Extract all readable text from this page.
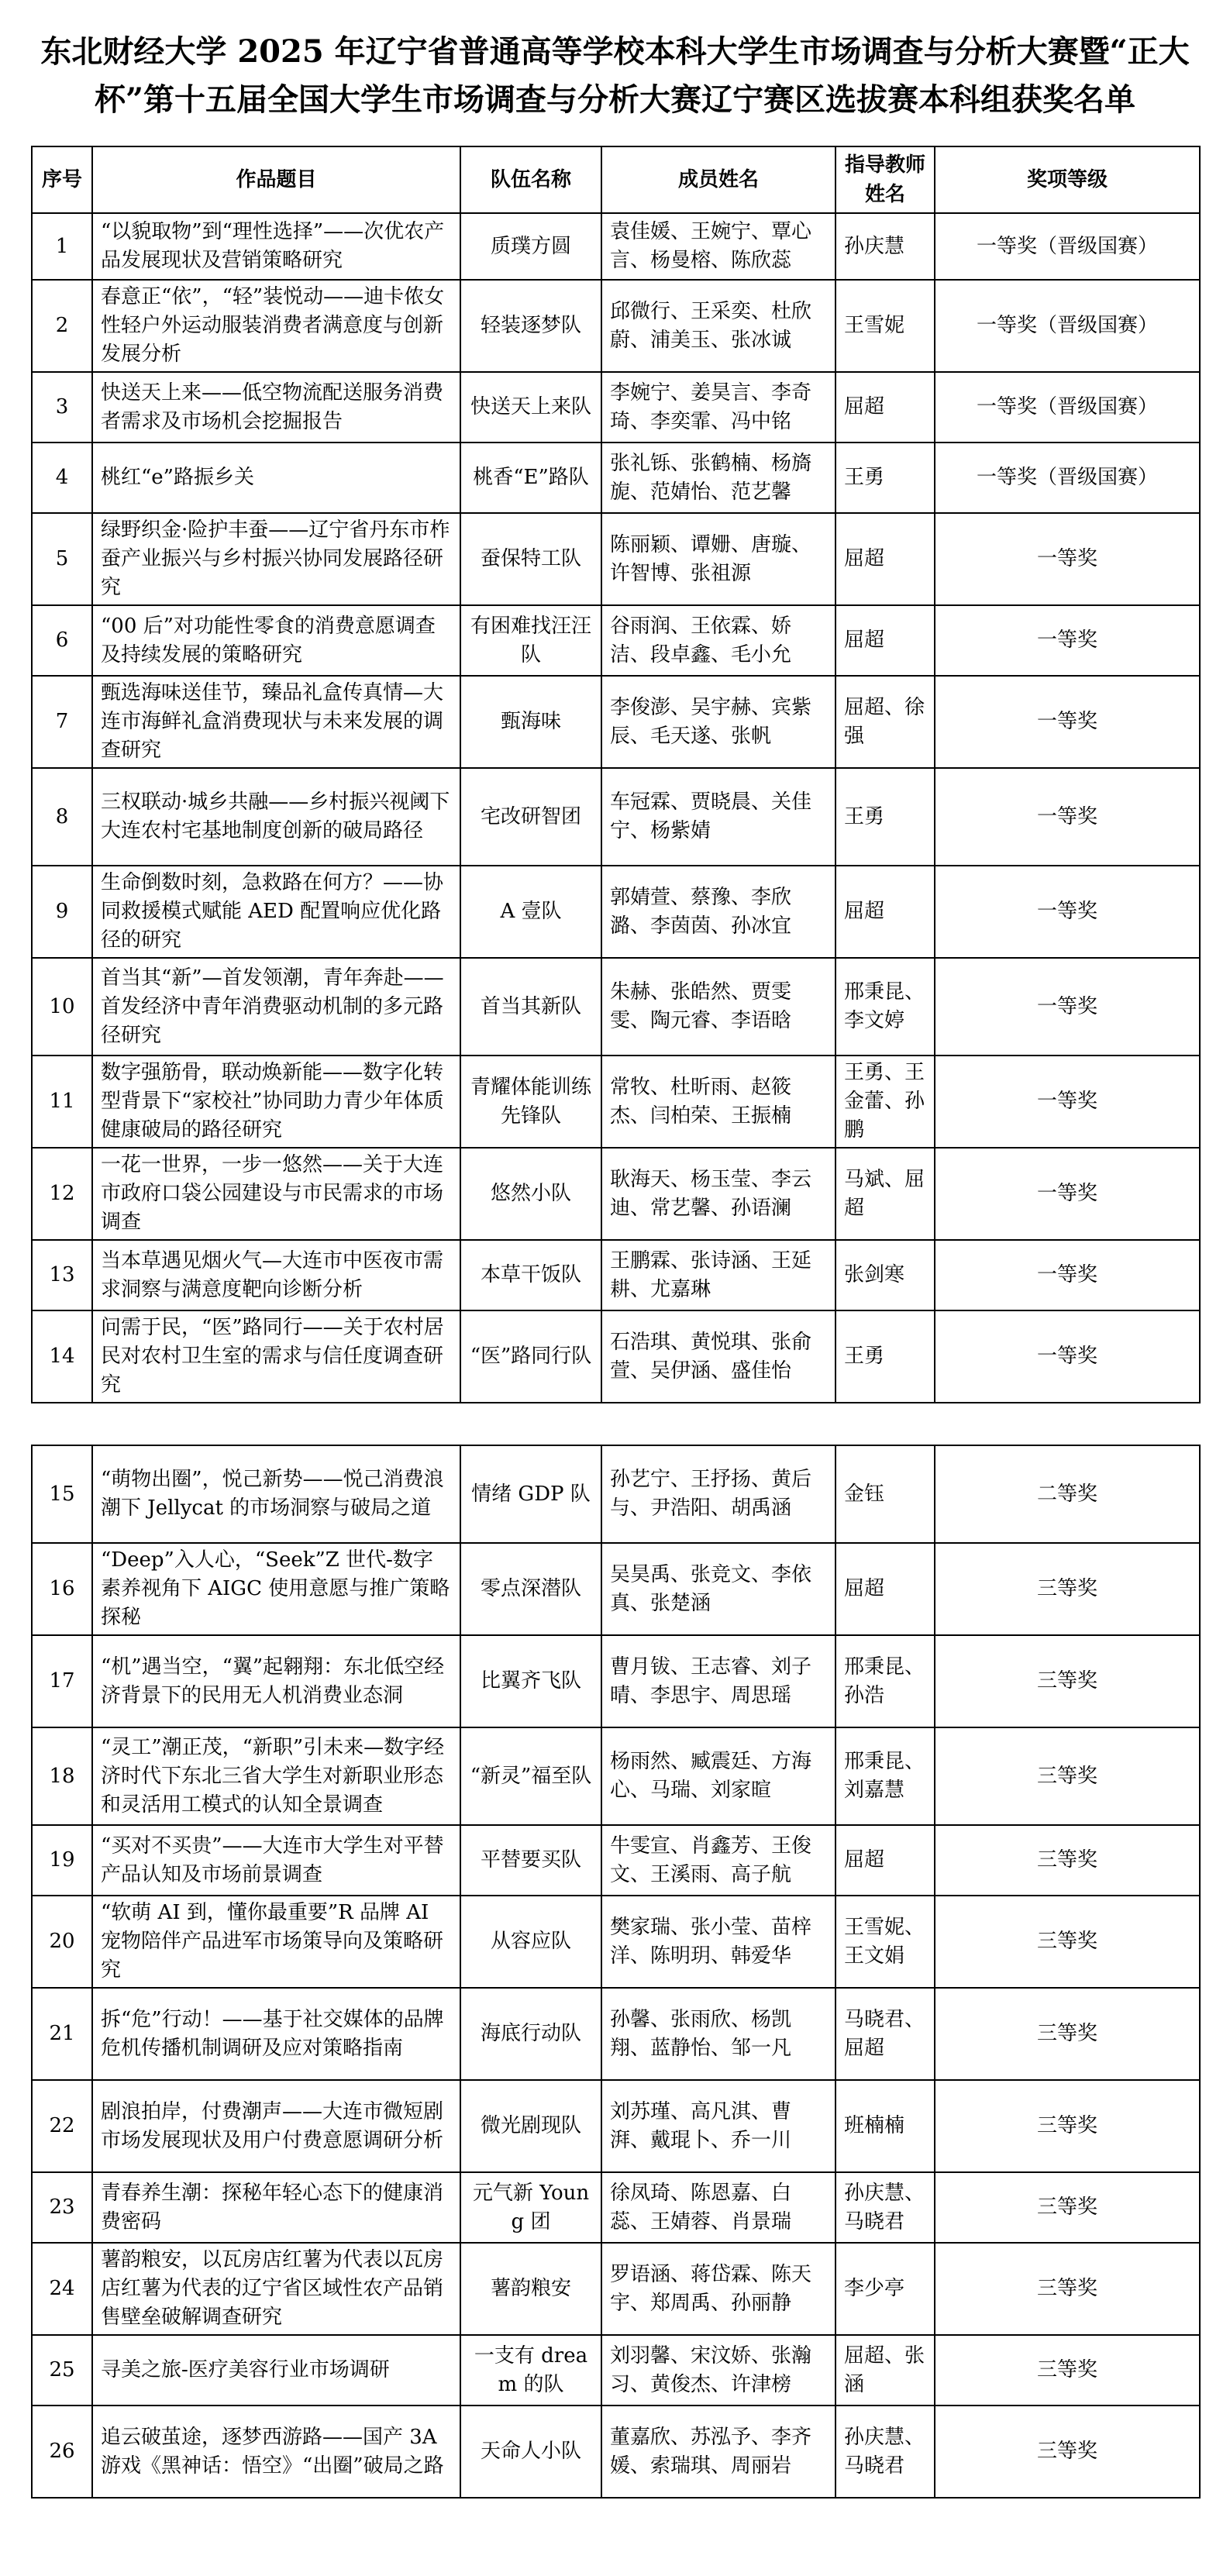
东北财经大学 2025 年辽宁省普通高等学校本科大学生市场调查与分析大赛暨“正大杯”第十五届全国大学生市场调查与分析大赛辽宁赛区选拔赛本科组获奖名单
序号	作品题目	队伍名称	成员姓名	指导教师姓名	奖项等级
1	“以貌取物”到“理性选择”——次优农产品发展现状及营销策略研究	质璞方圆	袁佳媛、王婉宁、覃心言、杨曼榕、陈欣蕊	孙庆慧	一等奖（晋级国赛）
2	春意正“依”，“轻”装悦动——迪卡侬女性轻户外运动服装消费者满意度与创新发展分析	轻装逐梦队	邱微行、王采奕、杜欣蔚、浦美玉、张冰诚	王雪妮	一等奖（晋级国赛）
3	快送天上来——低空物流配送服务消费者需求及市场机会挖掘报告	快送天上来队	李婉宁、姜昊言、李奇琦、李奕霏、冯中铭	屈超	一等奖（晋级国赛）
4	桃红“e”路振乡关	桃香“E”路队	张礼铄、张鹤楠、杨旖旎、范婧怡、范艺馨	王勇	一等奖（晋级国赛）
5	绿野织金·险护丰蚕——辽宁省丹东市柞蚕产业振兴与乡村振兴协同发展路径研究	蚕保特工队	陈丽颖、谭姗、唐璇、许智博、张祖源	屈超	一等奖
6	“00 后”对功能性零食的消费意愿调查及持续发展的策略研究	有困难找汪汪队	谷雨润、王依霖、娇洁、段卓鑫、毛小允	屈超	一等奖
7	甄选海味送佳节，臻品礼盒传真情—大连市海鲜礼盒消费现状与未来发展的调查研究	甄海味	李俊澎、吴宇赫、宾紫辰、毛天遂、张帆	屈超、徐强	一等奖
8	三权联动·城乡共融——乡村振兴视阈下大连农村宅基地制度创新的破局路径	宅改研智团	车冠霖、贾晓晨、关佳宁、杨紫婧	王勇	一等奖
9	生命倒数时刻，急救路在何方？——协同救援模式赋能 AED 配置响应优化路径的研究	A 壹队	郭婧萱、蔡豫、李欣潞、李茵茵、孙冰宜	屈超	一等奖
10	首当其“新”—首发领潮，青年奔赴——首发经济中青年消费驱动机制的多元路径研究	首当其新队	朱赫、张皓然、贾雯雯、陶元睿、李语晗	邢秉昆、李文婷	一等奖
11	数字强筋骨，联动焕新能——数字化转型背景下“家校社”协同助力青少年体质健康破局的路径研究	青耀体能训练先锋队	常牧、杜昕雨、赵筱杰、闫柏荣、王振楠	王勇、王金蕾、孙鹏	一等奖
12	一花一世界，一步一悠然——关于大连市政府口袋公园建设与市民需求的市场调查	悠然小队	耿海天、杨玉莹、李云迪、常艺馨、孙语澜	马斌、屈超	一等奖
13	当本草遇见烟火气—大连市中医夜市需求洞察与满意度靶向诊断分析	本草干饭队	王鹏霖、张诗涵、王延耕、尤嘉琳	张剑寒	一等奖
14	问需于民，“医”路同行——关于农村居民对农村卫生室的需求与信任度调查研究	“医”路同行队	石浩琪、黄悦琪、张俞萱、吴伊涵、盛佳怡	王勇	一等奖
15	“萌物出圈”，悦己新势——悦己消费浪潮下 Jellycat 的市场洞察与破局之道	情绪 GDP 队	孙艺宁、王抒扬、黄后与、尹浩阳、胡禹涵	金钰	二等奖
16	“Deep”入人心，“Seek”Z 世代-数字素养视角下 AIGC 使用意愿与推广策略探秘	零点深潜队	吴昊禹、张竞文、李依真、张楚涵	屈超	三等奖
17	“机”遇当空，“翼”起翱翔：东北低空经济背景下的民用无人机消费业态洞	比翼齐飞队	曹月钹、王志睿、刘子晴、李思宇、周思瑶	邢秉昆、孙浩	三等奖
18	“灵工”潮正茂，“新职”引未来—数字经济时代下东北三省大学生对新职业形态和灵活用工模式的认知全景调查	“新灵”福至队	杨雨然、臧震廷、方海心、马瑞、刘家暄	邢秉昆、刘嘉慧	三等奖
19	“买对不买贵”——大连市大学生对平替产品认知及市场前景调查	平替要买队	牛雯宣、肖鑫芳、王俊文、王溪雨、高子航	屈超	三等奖
20	“软萌 AI 到，懂你最重要”R 品牌 AI 宠物陪伴产品进军市场策导向及策略研究	从容应队	樊家瑞、张小莹、苗梓洋、陈明玥、韩爱华	王雪妮、王文娟	三等奖
21	拆“危”行动！——基于社交媒体的品牌危机传播机制调研及应对策略指南	海底行动队	孙馨、张雨欣、杨凯翔、蓝静怡、邹一凡	马晓君、屈超	三等奖
22	剧浪拍岸，付费潮声——大连市微短剧市场发展现状及用户付费意愿调研分析	微光剧现队	刘苏瑾、高凡淇、曹湃、戴琨卜、乔一川	班楠楠	三等奖
23	青春养生潮：探秘年轻心态下的健康消费密码	元气新 Young 团	徐凤琦、陈恩嘉、白蕊、王婧蓉、肖景瑞	孙庆慧、马晓君	三等奖
24	薯韵粮安，以瓦房店红薯为代表以瓦房店红薯为代表的辽宁省区域性农产品销售壁垒破解调查研究	薯韵粮安	罗语涵、蒋岱霖、陈天宇、郑周禹、孙丽静	李少亭	三等奖
25	寻美之旅-医疗美容行业市场调研	一支有 dream 的队	刘羽馨、宋汶娇、张瀚习、黄俊杰、许津榜	屈超、张涵	三等奖
26	追云破茧途，逐梦西游路——国产 3A 游戏《黑神话：悟空》“出圈”破局之路	天命人小队	董嘉欣、苏泓予、李齐媛、索瑞琪、周丽岩	孙庆慧、马晓君	三等奖
